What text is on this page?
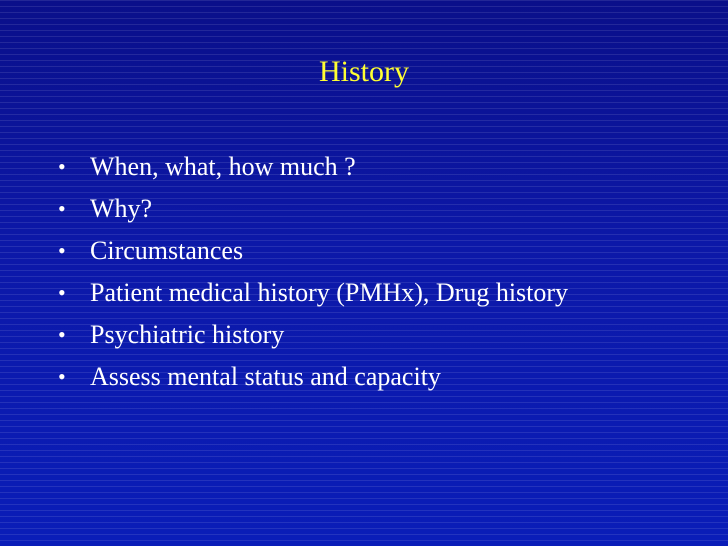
History
• When, what, how much ?
• Why?
• Circumstances
• Patient medical history (PMHx), Drug history
• Psychiatric history
• Assess mental status and capacity
